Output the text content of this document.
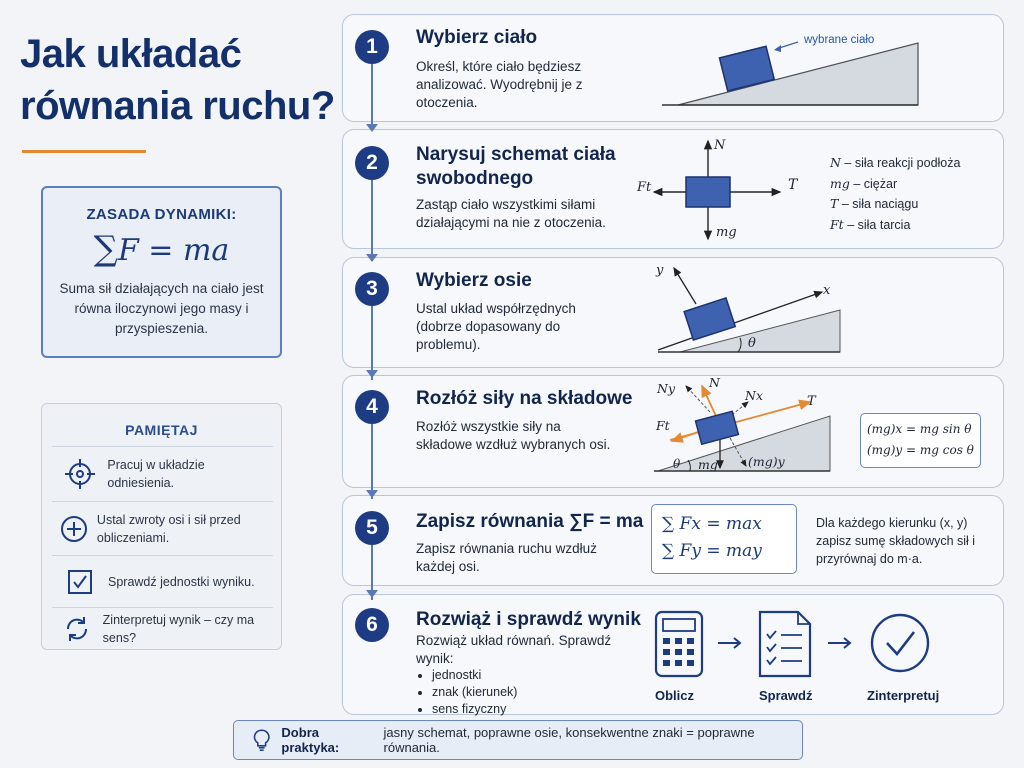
Jak układać równania ruchu?
ZASADA DYNAMIKI:
∑F = ma
Suma sił działających na ciało jest równa iloczynowi jego masy i przyspieszenia.
PAMIĘTAJ
Pracuj w układzie odniesienia.
Ustal zwroty osi i sił przed obliczeniami.
Sprawdź jednostki wyniku.
Zinterpretuj wynik – czy ma sens?
1
2
3
4
5
6
Wybierz ciało
Określ, które ciało będziesz analizować. Wyodrębnij je z otoczenia.
wybrane ciało
Narysuj schemat ciała swobodnego
Zastąp ciało wszystkimi siłami działającymi na nie z otoczenia.
N
T
Ft
mg
N – siła reakcji podłoża
mg – ciężar
T – siła naciągu
Ft – siła tarcia
Wybierz osie
Ustal układ współrzędnych (dobrze dopasowany do problemu).
x
y
θ
Rozłóż siły na składowe
Rozłóż wszystkie siły na składowe wzdłuż wybranych osi.
Ny	N
Nx	T
Ft
mg (mg)y
θ
(mg)x = mg sin θ
(mg)y = mg cos θ
Zapisz równania ∑F = ma
Zapisz równania ruchu wzdłuż każdej osi.
∑ Fx = max
∑ Fy = may
Dla każdego kierunku (x, y) zapisz sumę składowych sił i przyrównaj do m·a.
Rozwiąż i sprawdź wynik
Rozwiąż układ równań. Sprawdź wynik:
• jednostki
• znak (kierunek)
• sens fizyczny
Oblicz	Sprawdź	Zinterpretuj
Dobra praktyka:
jasny schemat, poprawne osie, konsekwentne znaki = poprawne równania.
